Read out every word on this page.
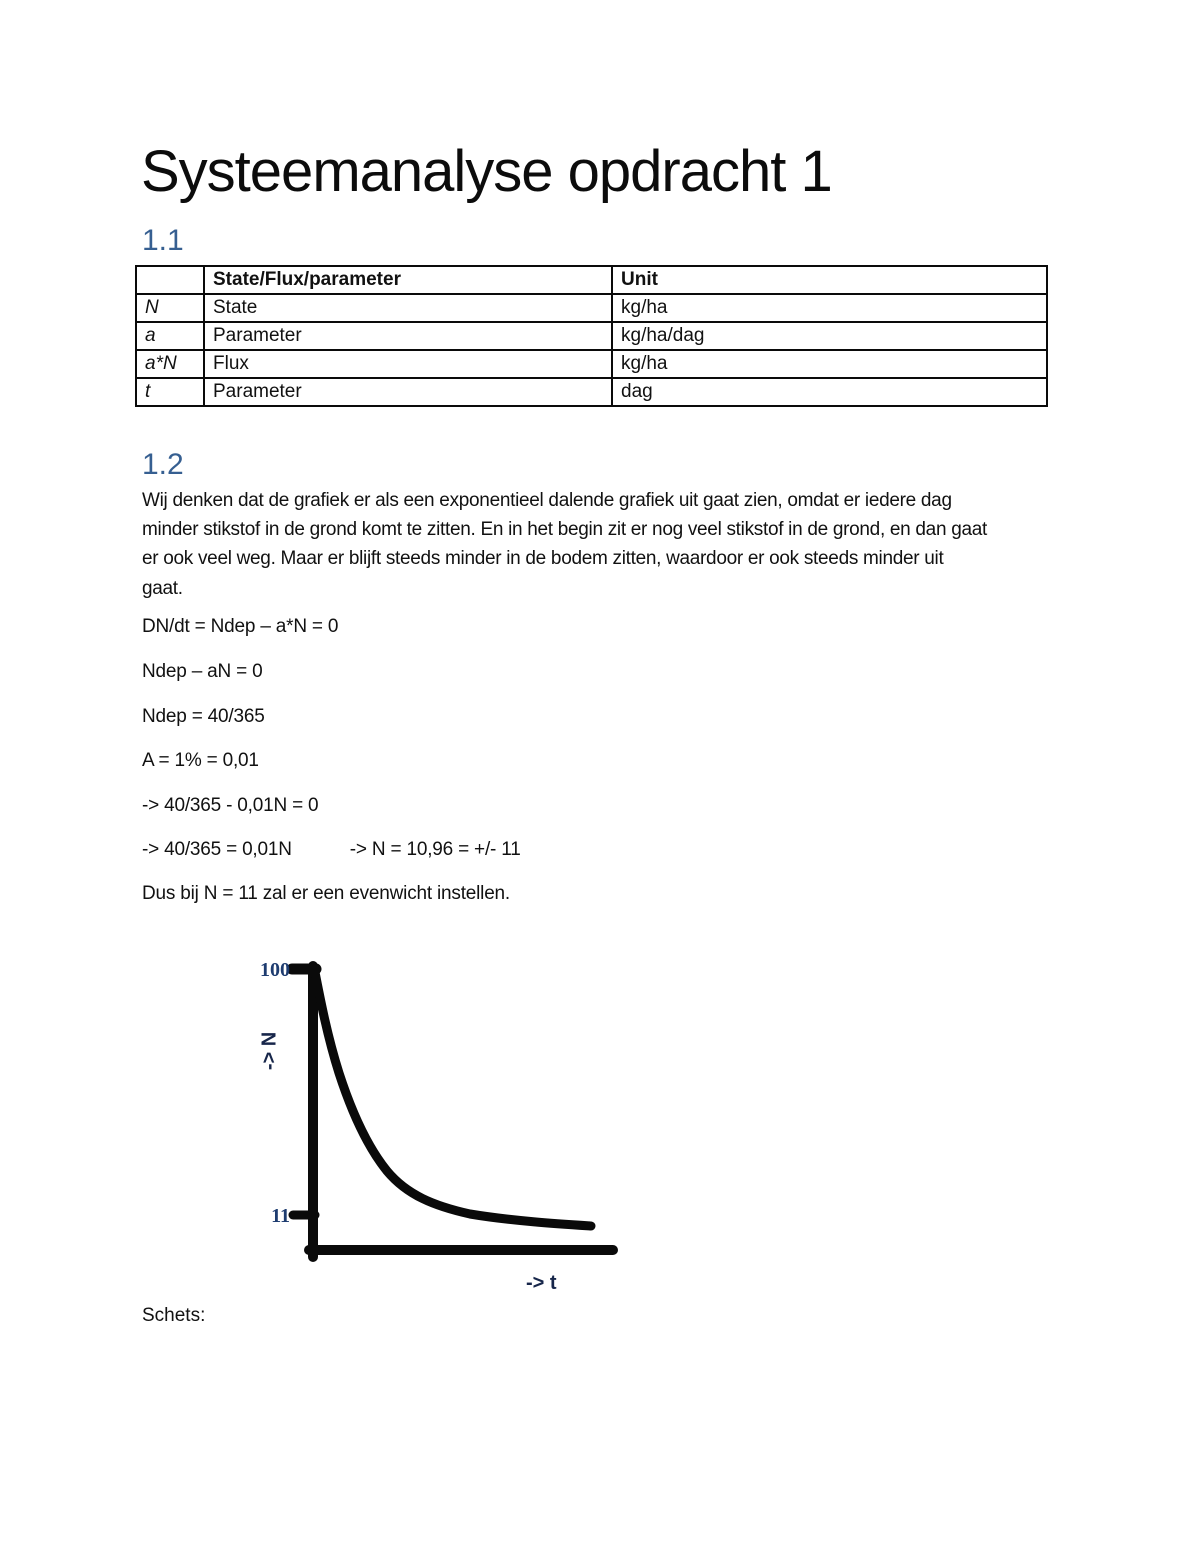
Systeemanalyse opdracht 1
1.1
	State/Flux/parameter	Unit
N	State	kg/ha
a	Parameter	kg/ha/dag
a*N	Flux	kg/ha
t	Parameter	dag
1.2
Wij denken dat de grafiek er als een exponentieel dalende grafiek uit gaat zien, omdat er iedere dag
minder stikstof in de grond komt te zitten. En in het begin zit er nog veel stikstof in de grond, en dan gaat
er ook veel weg. Maar er blijft steeds minder in de bodem zitten, waardoor er ook steeds minder uit
gaat.
DN/dt = Ndep – a*N = 0
Ndep – aN = 0
Ndep = 40/365
A = 1% = 0,01
-> 40/365 - 0,01N = 0
-> 40/365 = 0,01N	-> N = 10,96 = +/- 11
Dus bij N = 11 zal er een evenwicht instellen.
100
11
-> N
-> t
Schets:
